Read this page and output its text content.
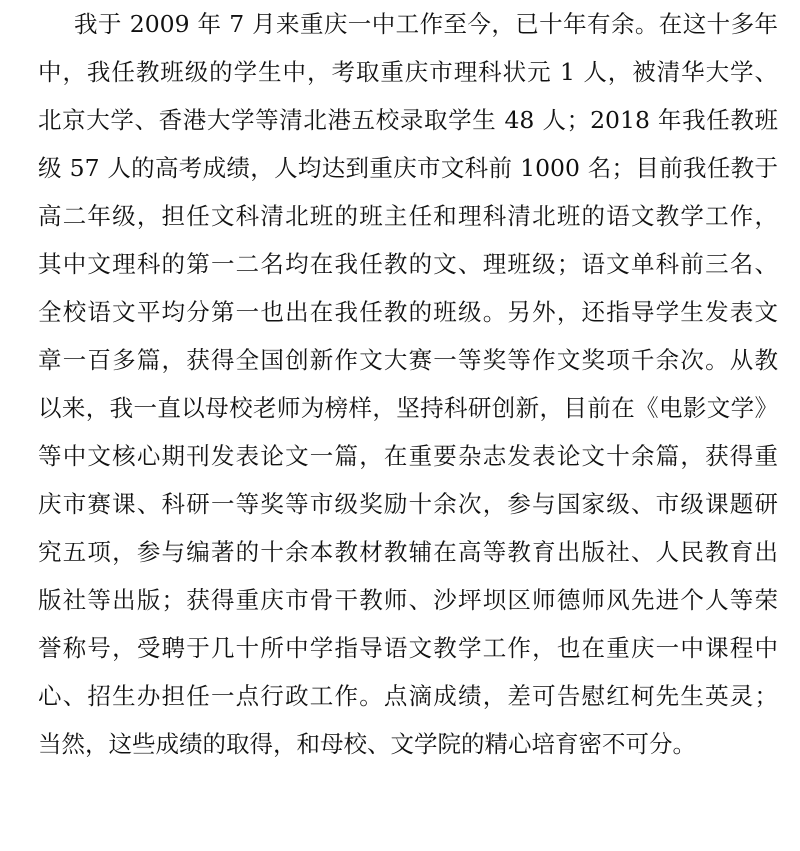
我于 2009 年 7 月来重庆一中工作至今，已十年有余。在这十多年
中，我任教班级的学生中，考取重庆市理科状元 1 人，被清华大学、
北京大学、香港大学等清北港五校录取学生 48 人；2018 年我任教班
级 57 人的高考成绩，人均达到重庆市文科前 1000 名；目前我任教于
高二年级，担任文科清北班的班主任和理科清北班的语文教学工作，
其中文理科的第一二名均在我任教的文、理班级；语文单科前三名、
全校语文平均分第一也出在我任教的班级。另外，还指导学生发表文
章一百多篇，获得全国创新作文大赛一等奖等作文奖项千余次。从教
以来，我一直以母校老师为榜样，坚持科研创新，目前在《电影文学》
等中文核心期刊发表论文一篇，在重要杂志发表论文十余篇，获得重
庆市赛课、科研一等奖等市级奖励十余次，参与国家级、市级课题研
究五项，参与编著的十余本教材教辅在高等教育出版社、人民教育出
版社等出版；获得重庆市骨干教师、沙坪坝区师德师风先进个人等荣
誉称号，受聘于几十所中学指导语文教学工作，也在重庆一中课程中
心、招生办担任一点行政工作。点滴成绩，差可告慰红柯先生英灵；
当然，这些成绩的取得，和母校、文学院的精心培育密不可分。
